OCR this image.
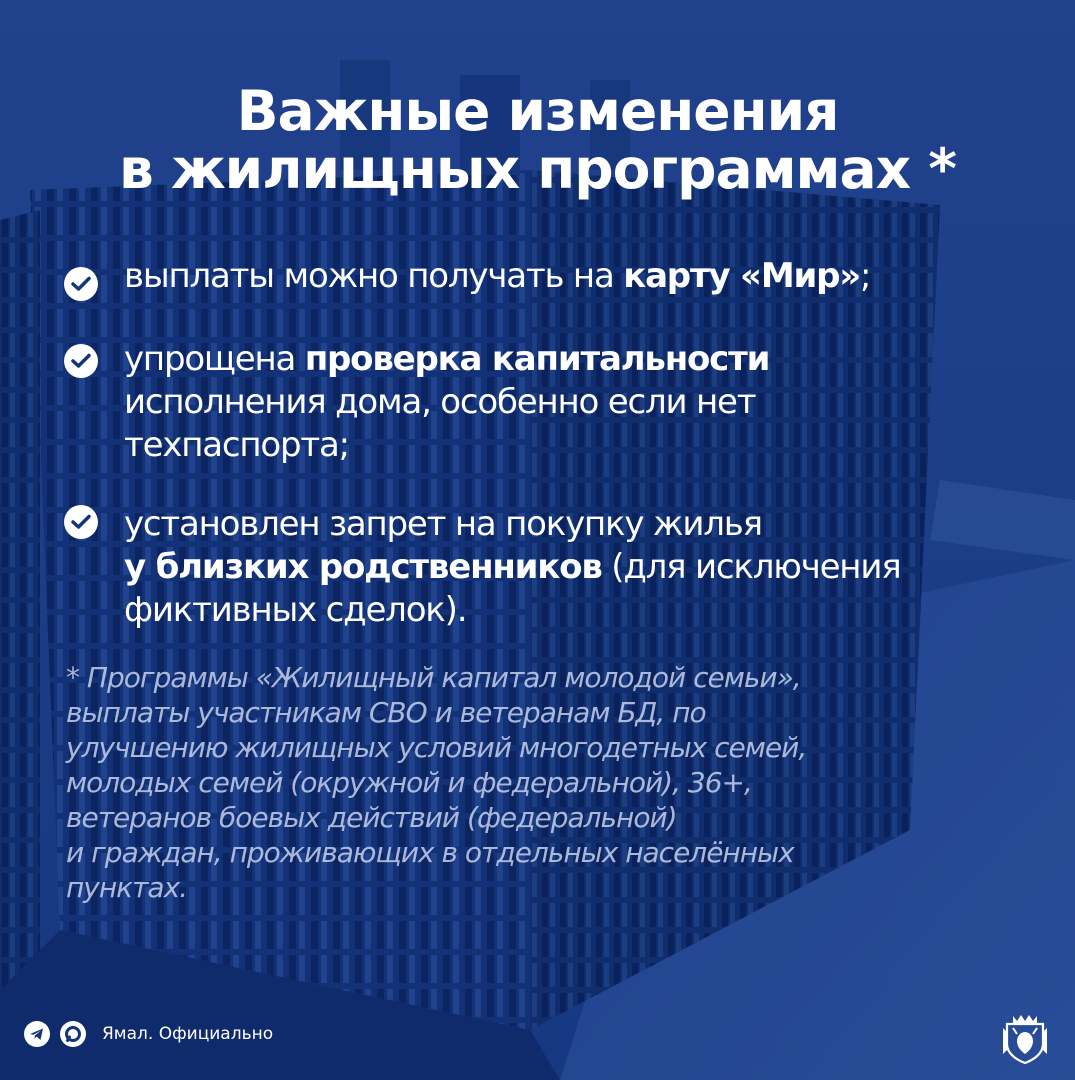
Важные изменения
в жилищных программах *
выплаты можно получать на карту «Мир»;
упрощена проверка капитальности
исполнения дома, особенно если нет
техпаспорта;
установлен запрет на покупку жилья
у близких родственников (для исключения
фиктивных сделок).
* Программы «Жилищный капитал молодой семьи»,
выплаты участникам СВО и ветеранам БД, по
улучшению жилищных условий многодетных семей,
молодых семей (окружной и федеральной), 36+,
ветеранов боевых действий (федеральной)
и граждан, проживающих в отдельных населённых
пунктах.
Ямал. Официально
